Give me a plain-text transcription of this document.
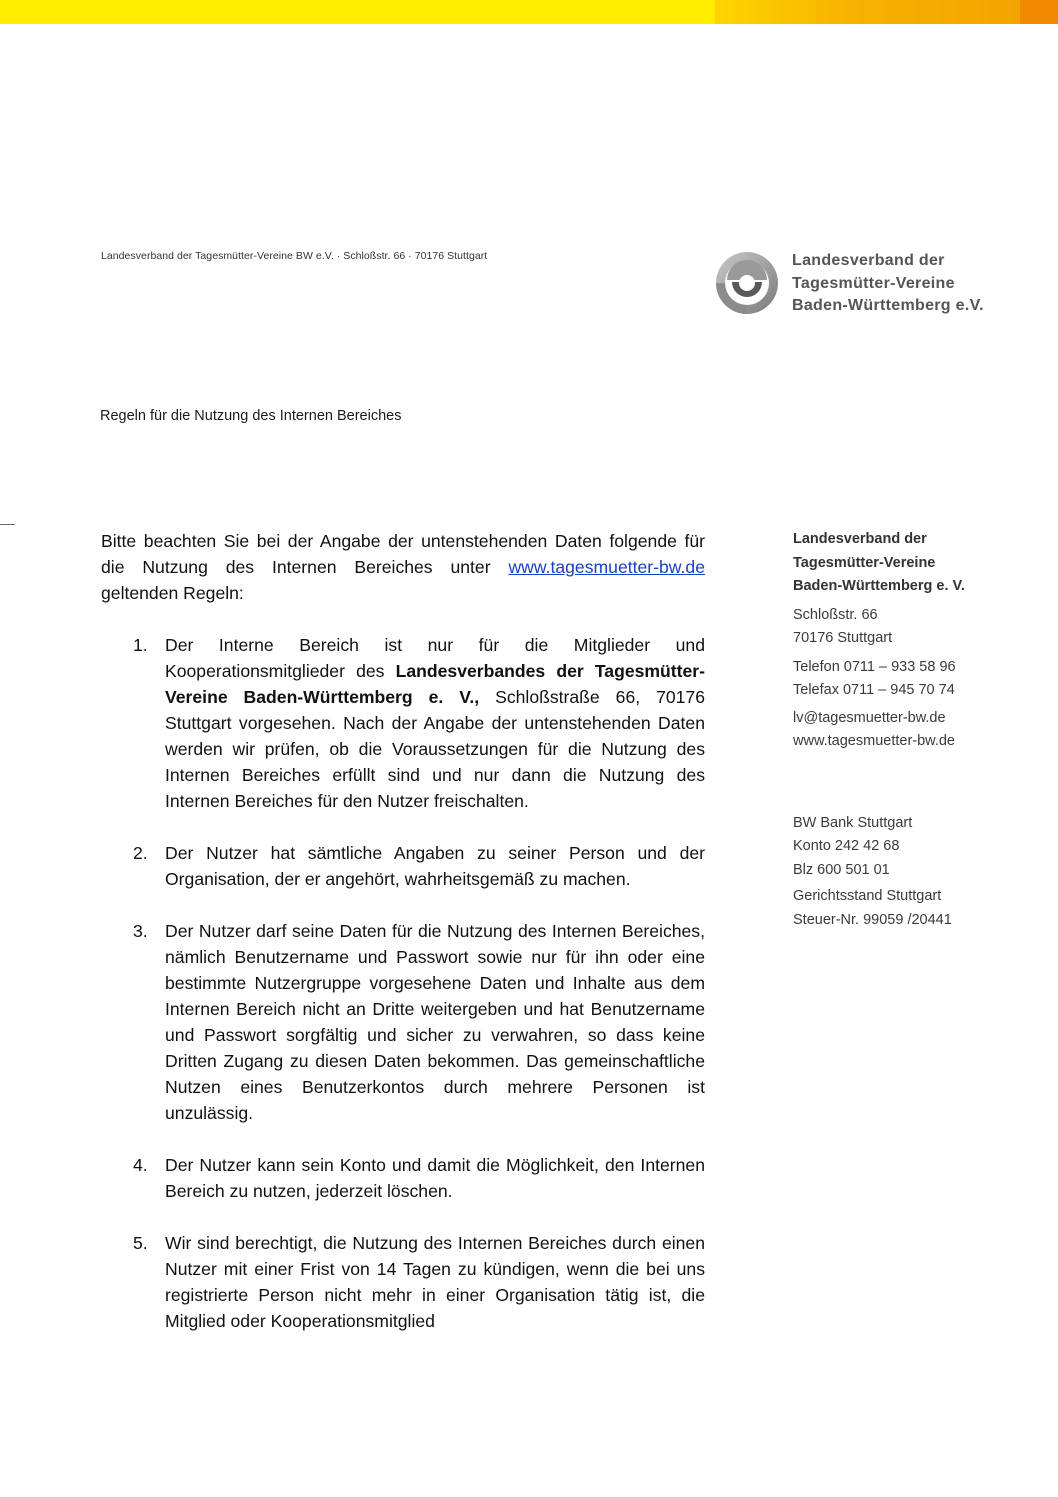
Landesverband der Tagesmütter-Vereine BW e.V. · Schloßstr. 66 · 70176 Stuttgart	Landesverband der
Tagesmütter-Vereine
Baden-Württemberg e.V.
Regeln für die Nutzung des Internen Bereiches

Bitte beachten Sie bei der Angabe der untenstehenden Daten folgende für die Nutzung des Internen Bereiches unter www.tagesmuetter-bw.de geltenden Regeln:

1. Der Interne Bereich ist nur für die Mitglieder und Kooperationsmitglieder des Landesverbandes der Tagesmütter-Vereine Baden-Württemberg e. V., Schloßstraße 66, 70176 Stuttgart vorgesehen. Nach der Angabe der untenstehenden Daten werden wir prüfen, ob die Voraussetzungen für die Nutzung des Internen Bereiches erfüllt sind und nur dann die Nutzung des Internen Bereiches für den Nutzer freischalten.
2. Der Nutzer hat sämtliche Angaben zu seiner Person und der Organisation, der er angehört, wahrheitsgemäß zu machen.
3. Der Nutzer darf seine Daten für die Nutzung des Internen Bereiches, nämlich Benutzername und Passwort sowie nur für ihn oder eine bestimmte Nutzergruppe vorgesehene Daten und Inhalte aus dem Internen Bereich nicht an Dritte weitergeben und hat Benutzername und Passwort sorgfältig und sicher zu verwahren, so dass keine Dritten Zugang zu diesen Daten bekommen. Das gemeinschaftliche Nutzen eines Benutzerkontos durch mehrere Personen ist unzulässig.
4. Der Nutzer kann sein Konto und damit die Möglichkeit, den Internen Bereich zu nutzen, jederzeit löschen.
5. Wir sind berechtigt, die Nutzung des Internen Bereiches durch einen Nutzer mit einer Frist von 14 Tagen zu kündigen, wenn die bei uns registrierte Person nicht mehr in einer Organisation tätig ist, die Mitglied oder Kooperationsmitglied
Landesverband der
Tagesmütter-Vereine
Baden-Württemberg e. V.
Schloßstr. 66
70176 Stuttgart
Telefon 0711 – 933 58 96
Telefax 0711 – 945 70 74
lv@tagesmuetter-bw.de
www.tagesmuetter-bw.de
BW Bank Stuttgart
Konto 242 42 68
Blz 600 501 01
Gerichtsstand Stuttgart
Steuer-Nr. 99059 /20441
